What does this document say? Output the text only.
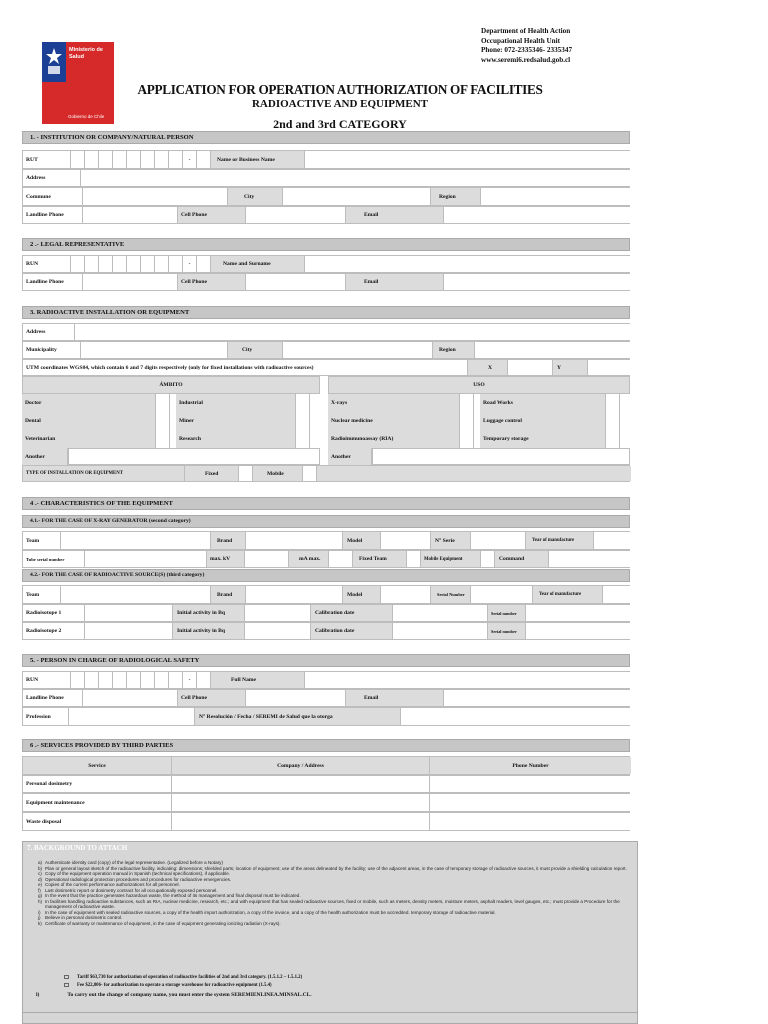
Ministerio de Salud
Gobierno de Chile
Department of Health Action
Occupational Health Unit
Phone: 072-2335346- 2335347
www.seremi6.redsalud.gob.cl
APPLICATION FOR OPERATION AUTHORIZATION OF FACILITIES
RADIOACTIVE AND EQUIPMENT
2nd and 3rd CATEGORY
1. - INSTITUTION OR COMPANY/NATURAL PERSON
RUT	-	Name or Business Name
Address
Commune	City	Region
Landline Phone	Cell Phone	Email
2 .- LEGAL REPRESENTATIVE
RUN	-	Name and Surname
Landline Phone	Cell Phone	Email
3. RADIOACTIVE INSTALLATION OR EQUIPMENT
Address
Municipality	City	Region
UTM coordinates WGS84, which contain 6 and 7 digits respectively (only for fixed installations with radioactive sources)	X	Y
ÁMBITO	USO
Doctor	Industrial	X-rays	Road Works
Dental	Miner	Nuclear medicine	Luggage control
Veterinarian	Research	Radioimmunoassay (RIA)	Temporary storage
Another	Another
TYPE OF INSTALLATION OR EQUIPMENT	Fixed	Mobile
4 .- CHARACTERISTICS OF THE EQUIPMENT
4.1.- FOR THE CASE OF X-RAY GENERATOR (second category)
Team	Brand	Model	N° Serie	Year of manufacture
Tube serial number	max. kV	mA max.	Fixed Team	Mobile Equipment	Command
4.2.- FOR THE CASE OF RADIOACTIVE SOURCE(S) (third category)
Team	Brand	Model	Serial Number	Year of manufacture
Radioisotope 1	Initial activity in Bq	Calibration date	Serial number
Radioisotope 2	Initial activity in Bq	Calibration date	Serial number
5. - PERSON IN CHARGE OF RADIOLOGICAL SAFETY
RUN	-	Full Name
Landline Phone	Cell Phone	Email
Profession	N° Resolución / Fecha / SEREMI de Salud que la otorga
6 .- SERVICES PROVIDED BY THIRD PARTIES
Service	Company / Address	Phone Number
Personal dosimetry
Equipment maintenance
Waste disposal
7. BACKGROUND TO ATTACH
a) Authenticate identity card (copy) of the legal representative. (Legalized before a Notary)
b) Plan or general layout sketch of the radioactive facility, indicating: dimensions; shielded parts; location of equipment; use of the areas delineated by the facility; use of the adjacent areas, in the case of temporary storage of radioactive sources, it must provide a shielding calculation report.
c) Copy of the equipment operation manual in Spanish (technical specifications), if applicable.
d) Operational radiological protection procedures and procedures for radioactive emergencies.
e) Copies of the current performance authorizations for all personnel.
f) Last dosimetric report or dosimetry contract for all occupationally exposed personnel.
g) In the event that the practice generates hazardous waste, the method of its management and final disposal must be indicated.
h) In facilities handling radioactive substances, such as RIA, nuclear medicine, research, etc.; and with equipment that has sealed radioactive sources, fixed or mobile, such as meters, density meters, moisture meters, asphalt readers, level gauges, etc.; must provide a Procedure for the management of radioactive waste.
i) In the case of equipment with sealed radioactive sources, a copy of the health import authorization, a copy of the invoice, and a copy of the health authorization must be accredited. temporary storage of radioactive material.
j) Believe in personal dosimetric control.
k) Certificate of warranty or maintenance of equipment, in the case of equipment generating ionizing radiation (X-rays).
Tariff $63,730 for authorization of operation of radioactive facilities of 2nd and 3rd category. (1.5.1.2 – 1.5.1.2)
Fee $22,806- for authorization to operate a storage warehouse for radioactive equipment (1.5.4)
l)	To carry out the change of company name, you must enter the system SEREMIENLINEA.MINSAL.CL.
